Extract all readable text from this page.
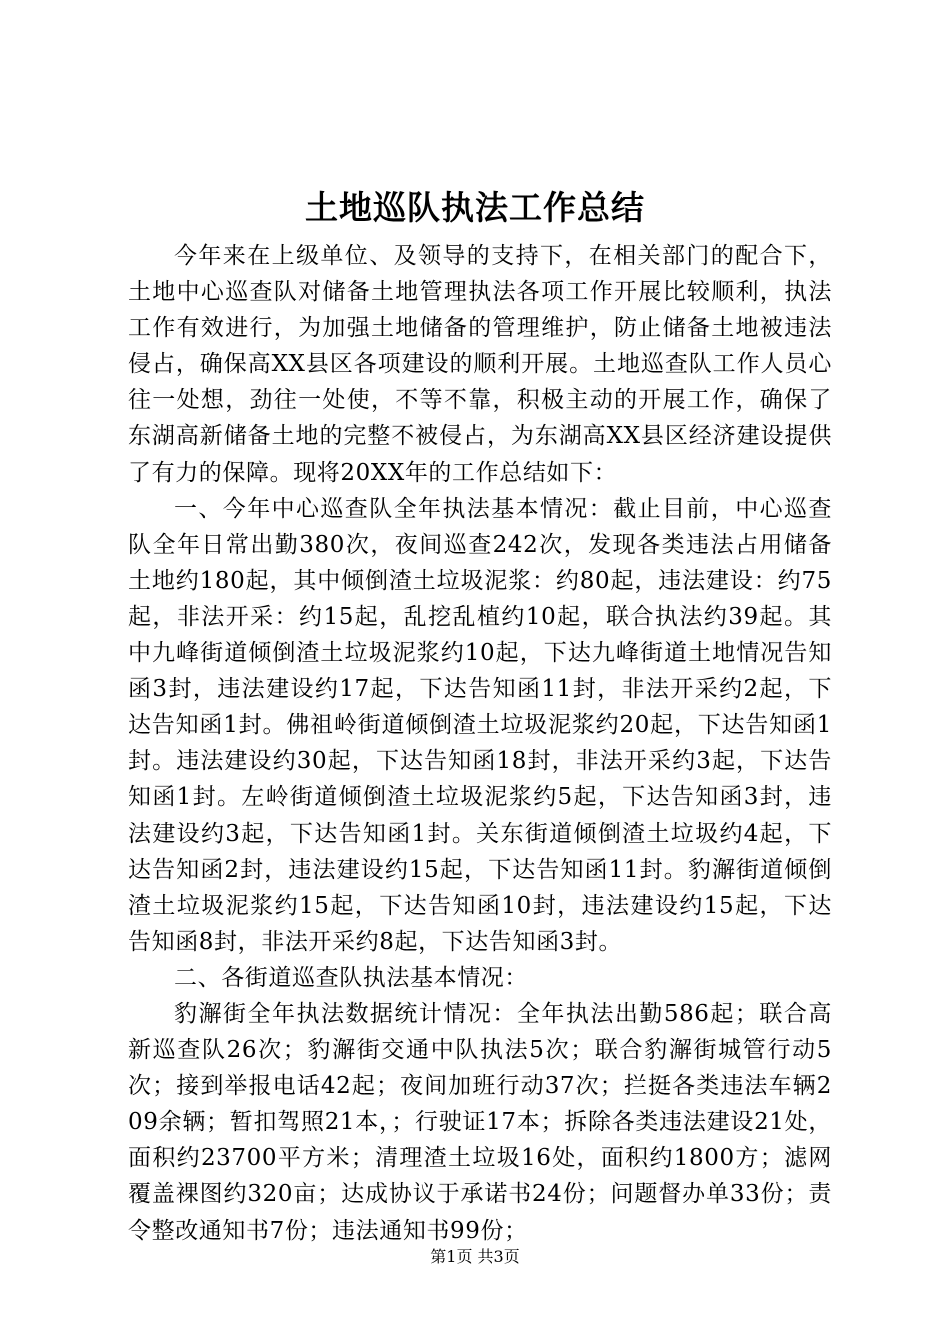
土地巡队执法工作总结

今年来在上级单位、及领导的支持下，在相关部门的配合下，土地中心巡查队对储备土地管理执法各项工作开展比较顺利，执法工作有效进行，为加强土地储备的管理维护，防止储备土地被违法侵占，确保高XX县区各项建设的顺利开展。土地巡查队工作人员心往一处想，劲往一处使，不等不靠，积极主动的开展工作，确保了东湖高新储备土地的完整不被侵占，为东湖高XX县区经济建设提供了有力的保障。现将20XX年的工作总结如下：

一、今年中心巡查队全年执法基本情况：截止目前，中心巡查队全年日常出勤380次，夜间巡查242次，发现各类违法占用储备土地约180起，其中倾倒渣土垃圾泥浆：约80起，违法建设：约75起，非法开采：约15起，乱挖乱植约10起，联合执法约39起。其中九峰街道倾倒渣土垃圾泥浆约10起，下达九峰街道土地情况告知函3封，违法建设约17起，下达告知函11封，非法开采约2起，下达告知函1封。佛祖岭街道倾倒渣土垃圾泥浆约20起，下达告知函1封。违法建设约30起，下达告知函18封，非法开采约3起，下达告知函1封。左岭街道倾倒渣土垃圾泥浆约5起，下达告知函3封，违法建设约3起，下达告知函1封。关东街道倾倒渣土垃圾约4起，下达告知函2封，违法建设约15起，下达告知函11封。豹澥街道倾倒渣土垃圾泥浆约15起，下达告知函10封，违法建设约15起，下达告知函8封，非法开采约8起，下达告知函3封。

二、各街道巡查队执法基本情况：

豹澥街全年执法数据统计情况：全年执法出勤586起；联合高新巡查队26次；豹澥街交通中队执法5次；联合豹澥街城管行动5次；接到举报电话42起；夜间加班行动37次；拦挺各类违法车辆209余辆；暂扣驾照21本，；行驶证17本；拆除各类违法建设21处，面积约23700平方米；清理渣土垃圾16处，面积约1800方；滤网覆盖裸图约320亩；达成协议于承诺书24份；问题督办单33份；责令整改通知书7份；违法通知书99份；

第1页 共3页
